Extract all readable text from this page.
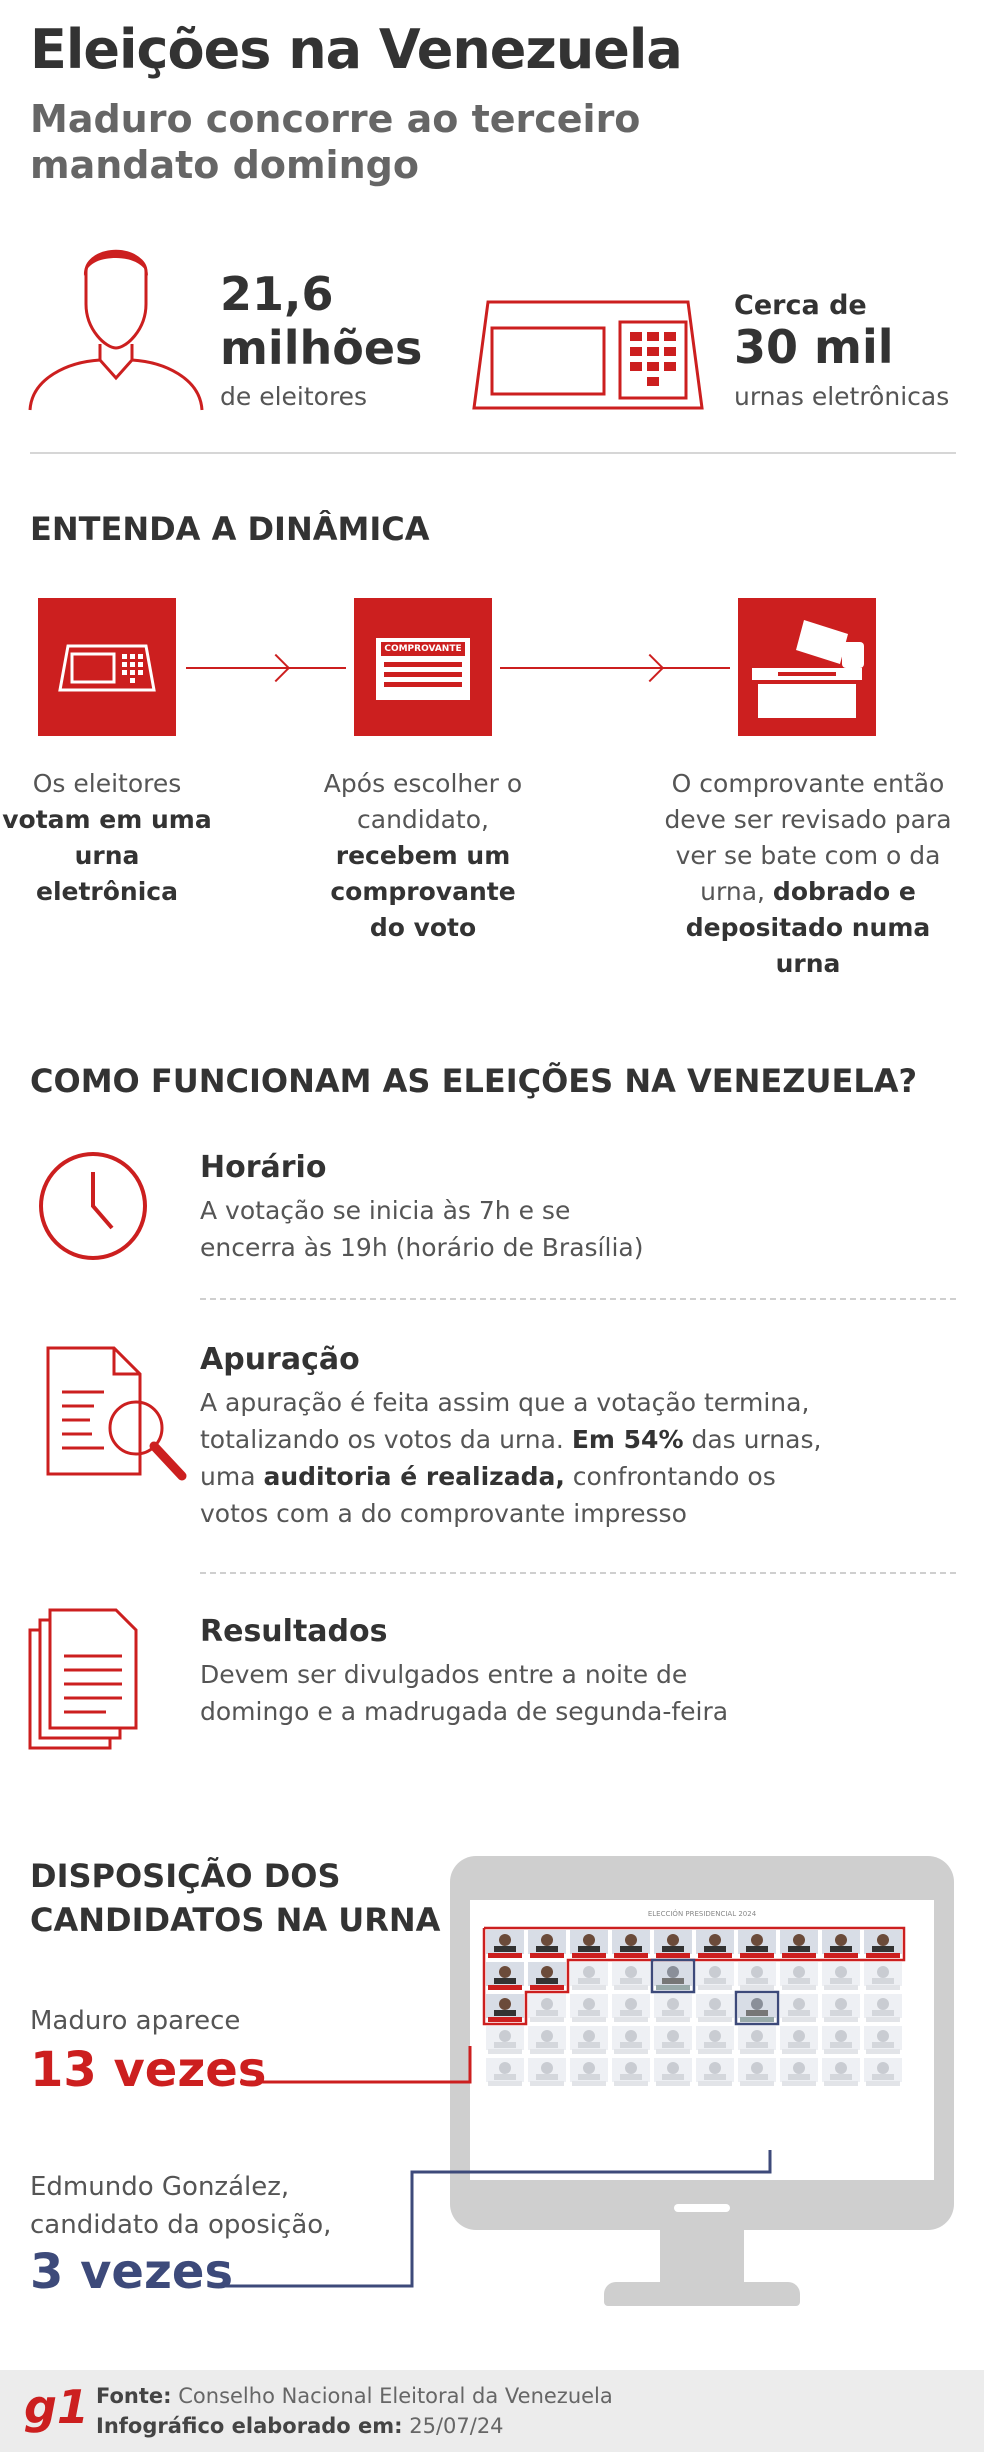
Eleições na Venezuela
Maduro concorre ao terceiro mandato domingo
21,6
milhões
de eleitores
Cerca de
30 mil
urnas eletrônicas
ENTENDA A DINÂMICA
COMPROVANTE
Os eleitores votam em uma urna eletrônica
Após escolher o candidato, recebem um comprovante do voto
O comprovante então deve ser revisado para ver se bate com o da urna, dobrado e depositado numa urna
COMO FUNCIONAM AS ELEIÇÕES NA VENEZUELA?
Horário
A votação se inicia às 7h e se encerra às 19h (horário de Brasília)
Apuração
A apuração é feita assim que a votação termina, totalizando os votos da urna. Em 54% das urnas, uma auditoria é realizada, confrontando os votos com a do comprovante impresso
Resultados
Devem ser divulgados entre a noite de domingo e a madrugada de segunda-feira
DISPOSIÇÃO DOS CANDIDATOS NA URNA
Maduro aparece
13 vezes
Edmundo González, candidato da oposição,
3 vezes
ELECCIÓN PRESIDENCIAL 2024
g1 Fonte: Conselho Nacional Eleitoral da Venezuela
Infográfico elaborado em: 25/07/24
